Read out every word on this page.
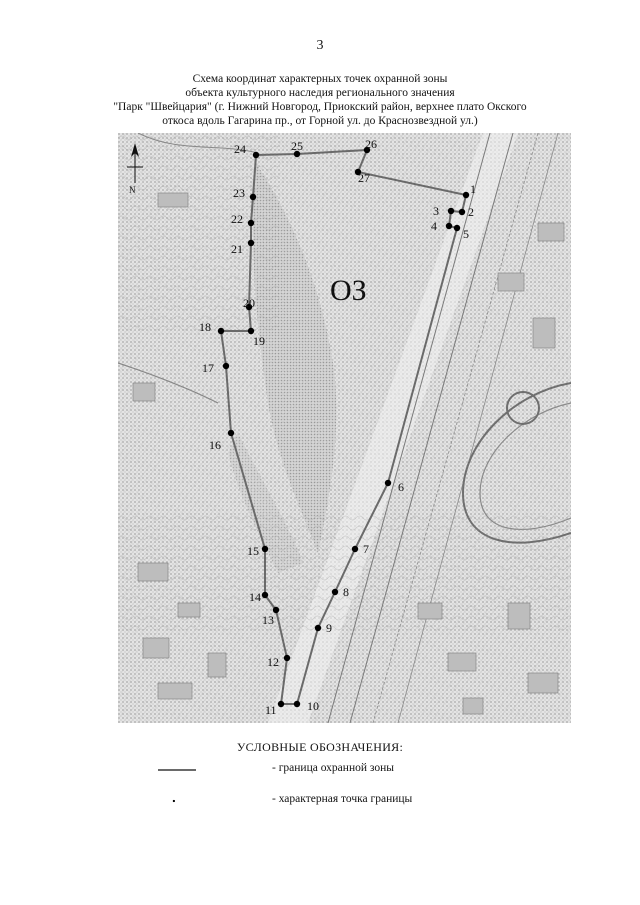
3
Схема координат характерных точек охранной зоны
объекта культурного наследия регионального значения
"Парк "Швейцария" (г. Нижний Новгород, Приокский район, верхнее плато Окского
откоса вдоль Гагарина пр., от Горной ул. до Краснозвездной ул.)
1
2
3
4
5
6
7
8
9
10
11
12
13
14
15
16
17
18
19
20
21
22
23
24	25	26
27
ОЗ
N
УСЛОВНЫЕ ОБОЗНАЧЕНИЯ:
- граница охранной зоны
- характерная точка границы
